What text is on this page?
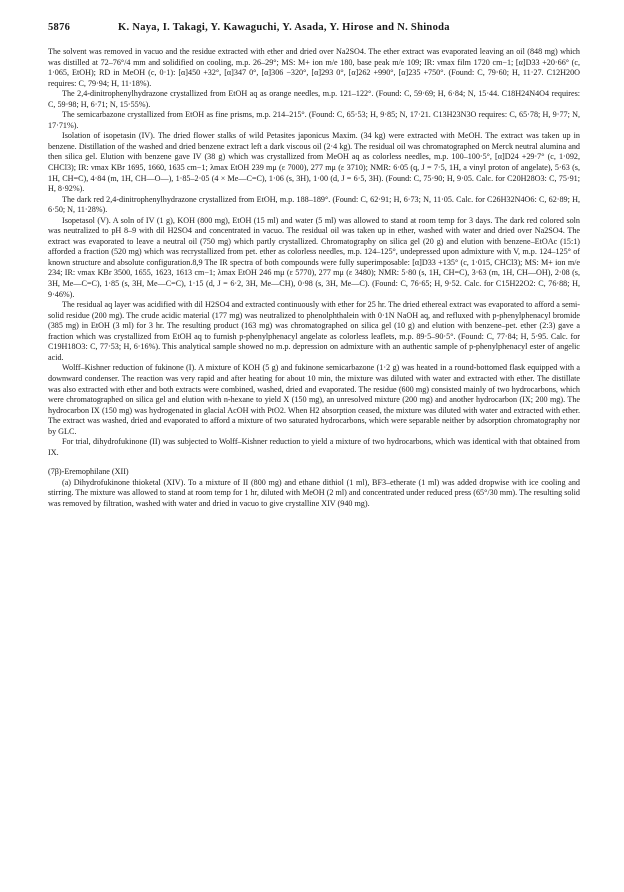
5876	K. Naya, I. Takagi, Y. Kawaguchi, Y. Asada, Y. Hirose and N. Shinoda

The solvent was removed in vacuo and the residue extracted with ether and dried over Na2SO4. The ether extract was evaporated leaving an oil (848 mg) which was distilled at 72–76°/4 mm and solidified on cooling, m.p. 26–29°; MS: M+ ion m/e 180, base peak m/e 109; IR: νmax film 1720 cm−1; [α]D33 +20·66° (c, 1·065, EtOH); RD in MeOH (c, 0·1): [α]450 +32°, [α]347 0°, [α]306 −320°, [α]293 0°, [α]262 +990°, [α]235 +750°. (Found: C, 79·60; H, 11·27. C12H20O requires: C, 79·94; H, 11·18%).

The 2,4-dinitrophenylhydrazone crystallized from EtOH aq as orange needles, m.p. 121–122°. (Found: C, 59·69; H, 6·84; N, 15·44. C18H24N4O4 requires: C, 59·98; H, 6·71; N, 15·55%).

The semicarbazone crystallized from EtOH as fine prisms, m.p. 214–215°. (Found: C, 65·53; H, 9·85; N, 17·21. C13H23N3O requires: C, 65·78; H, 9·77; N, 17·71%).

Isolation of isopetasin (IV). The dried flower stalks of wild Petasites japonicus Maxim. (34 kg) were extracted with MeOH. The extract was taken up in benzene. Distillation of the washed and dried benzene extract left a dark viscous oil (2·4 kg). The residual oil was chromatographed on Merck neutral alumina and then silica gel. Elution with benzene gave IV (38 g) which was crystallized from MeOH aq as colorless needles, m.p. 100–100·5°, [α]D24 +29·7° (c, 1·092, CHCl3); IR: νmax KBr 1695, 1660, 1635 cm−1; λmax EtOH 239 mμ (ε 7000), 277 mμ (ε 3710); NMR: 6·05 (q, J = 7·5, 1H, a vinyl proton of angelate), 5·63 (s, 1H, CH=C), 4·84 (m, 1H, CH—O—), 1·85–2·05 (4 × Me—C=C), 1·06 (s, 3H), 1·00 (d, J = 6·5, 3H). (Found: C, 75·90; H, 9·05. Calc. for C20H28O3: C, 75·91; H, 8·92%).

The dark red 2,4-dinitrophenylhydrazone crystallized from EtOH, m.p. 188–189°. (Found: C, 62·91; H, 6·73; N, 11·05. Calc. for C26H32N4O6: C, 62·89; H, 6·50; N, 11·28%).

Isopetasol (V). A soln of IV (1 g), KOH (800 mg), EtOH (15 ml) and water (5 ml) was allowed to stand at room temp for 3 days. The dark red colored soln was neutralized to pH 8–9 with dil H2SO4 and concentrated in vacuo. The residual oil was taken up in ether, washed with water and dried over Na2SO4. The extract was evaporated to leave a neutral oil (750 mg) which partly crystallized. Chromatography on silica gel (20 g) and elution with benzene–EtOAc (15:1) afforded a fraction (520 mg) which was recrystallized from pet. ether as colorless needles, m.p. 124–125°, undepressed upon admixture with V, m.p. 124–125° of known structure and absolute configuration.8,9 The IR spectra of both compounds were fully superimposable: [α]D33 +135° (c, 1·015, CHCl3); MS: M+ ion m/e 234; IR: νmax KBr 3500, 1655, 1623, 1613 cm−1; λmax EtOH 246 mμ (ε 5770), 277 mμ (ε 3480); NMR: 5·80 (s, 1H, CH=C), 3·63 (m, 1H, CH—OH), 2·08 (s, 3H, Me—C=C), 1·85 (s, 3H, Me—C=C), 1·15 (d, J = 6·2, 3H, Me—CH), 0·98 (s, 3H, Me—C). (Found: C, 76·65; H, 9·52. Calc. for C15H22O2: C, 76·88; H, 9·46%).

The residual aq layer was acidified with dil H2SO4 and extracted continuously with ether for 25 hr. The dried ethereal extract was evaporated to afford a semi-solid residue (200 mg). The crude acidic material (177 mg) was neutralized to phenolphthalein with 0·1N NaOH aq, and refluxed with p-phenylphenacyl bromide (385 mg) in EtOH (3 ml) for 3 hr. The resulting product (163 mg) was chromatographed on silica gel (10 g) and elution with benzene–pet. ether (2:3) gave a fraction which was crystallized from EtOH aq to furnish p-phenylphenacyl angelate as colorless leaflets, m.p. 89·5–90·5°. (Found: C, 77·84; H, 5·95. Calc. for C19H18O3: C, 77·53; H, 6·16%). This analytical sample showed no m.p. depression on admixture with an authentic sample of p-phenylphenacyl ester of angelic acid.

Wolff–Kishner reduction of fukinone (I). A mixture of KOH (5 g) and fukinone semicarbazone (1·2 g) was heated in a round-bottomed flask equipped with a downward condenser. The reaction was very rapid and after heating for about 10 min, the mixture was diluted with water and extracted with ether. The distillate was also extracted with ether and both extracts were combined, washed, dried and evaporated. The residue (600 mg) consisted mainly of two hydrocarbons, which were chromatographed on silica gel and elution with n-hexane to yield X (150 mg), an unresolved mixture (200 mg) and another hydrocarbon (IX; 200 mg). The hydrocarbon IX (150 mg) was hydrogenated in glacial AcOH with PtO2. When H2 absorption ceased, the mixture was diluted with water and extracted with ether. The extract was washed, dried and evaporated to afford a mixture of two saturated hydrocarbons, which were separable neither by adsorption chromatography nor by GLC.

For trial, dihydrofukinone (II) was subjected to Wolff–Kishner reduction to yield a mixture of two hydrocarbons, which was identical with that obtained from IX.

(7β)-Eremophilane (XII)

(a) Dihydrofukinone thioketal (XIV). To a mixture of II (800 mg) and ethane dithiol (1 ml), BF3–etherate (1 ml) was added dropwise with ice cooling and stirring. The mixture was allowed to stand at room temp for 1 hr, diluted with MeOH (2 ml) and concentrated under reduced press (65°/30 mm). The resulting solid was removed by filtration, washed with water and dried in vacuo to give crystalline XIV (940 mg).
